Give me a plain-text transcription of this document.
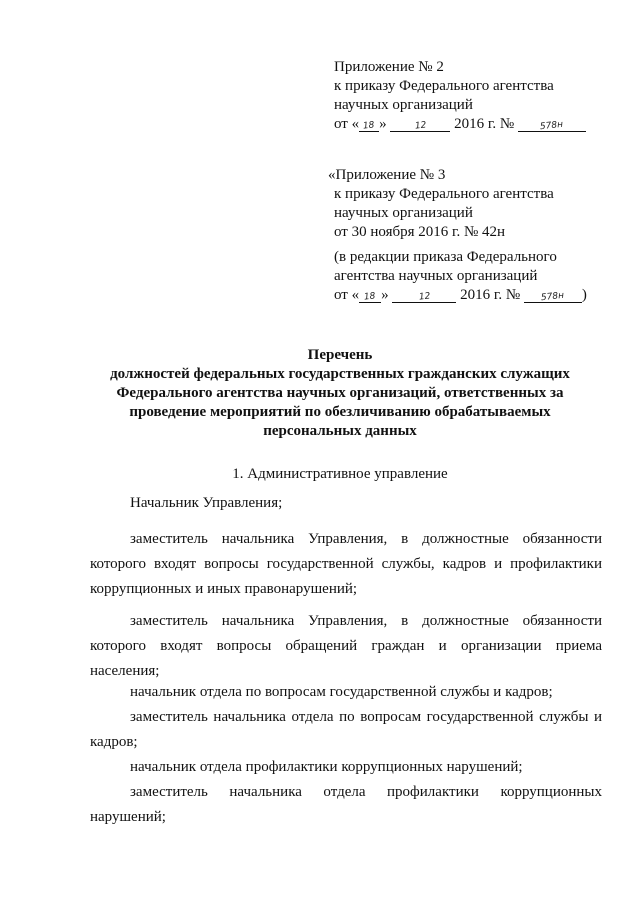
Приложение № 2
к приказу Федерального агентства
научных организаций
от « 18 »	12 2016 г. №	578н
«Приложение № 3
к приказу Федерального агентства
научных организаций
от 30 ноября 2016 г. № 42н
(в редакции приказа Федерального
агентства научных организаций
от « 18 »	12 2016 г. № 578н )
Перечень
должностей федеральных государственных гражданских служащих
Федерального агентства научных организаций, ответственных за
проведение мероприятий по обезличиванию обрабатываемых
персональных данных
1. Административное управление
Начальник Управления;
заместитель начальника Управления, в должностные обязанности
которого входят вопросы государственной службы, кадров и профилактики
коррупционных и иных правонарушений;
заместитель начальника Управления, в должностные обязанности
которого входят вопросы обращений граждан и организации приема
населения;
начальник отдела по вопросам государственной службы и кадров;
заместитель начальника отдела по вопросам государственной службы и
кадров;
начальник отдела профилактики коррупционных нарушений;
заместитель начальника отдела профилактики коррупционных
нарушений;
